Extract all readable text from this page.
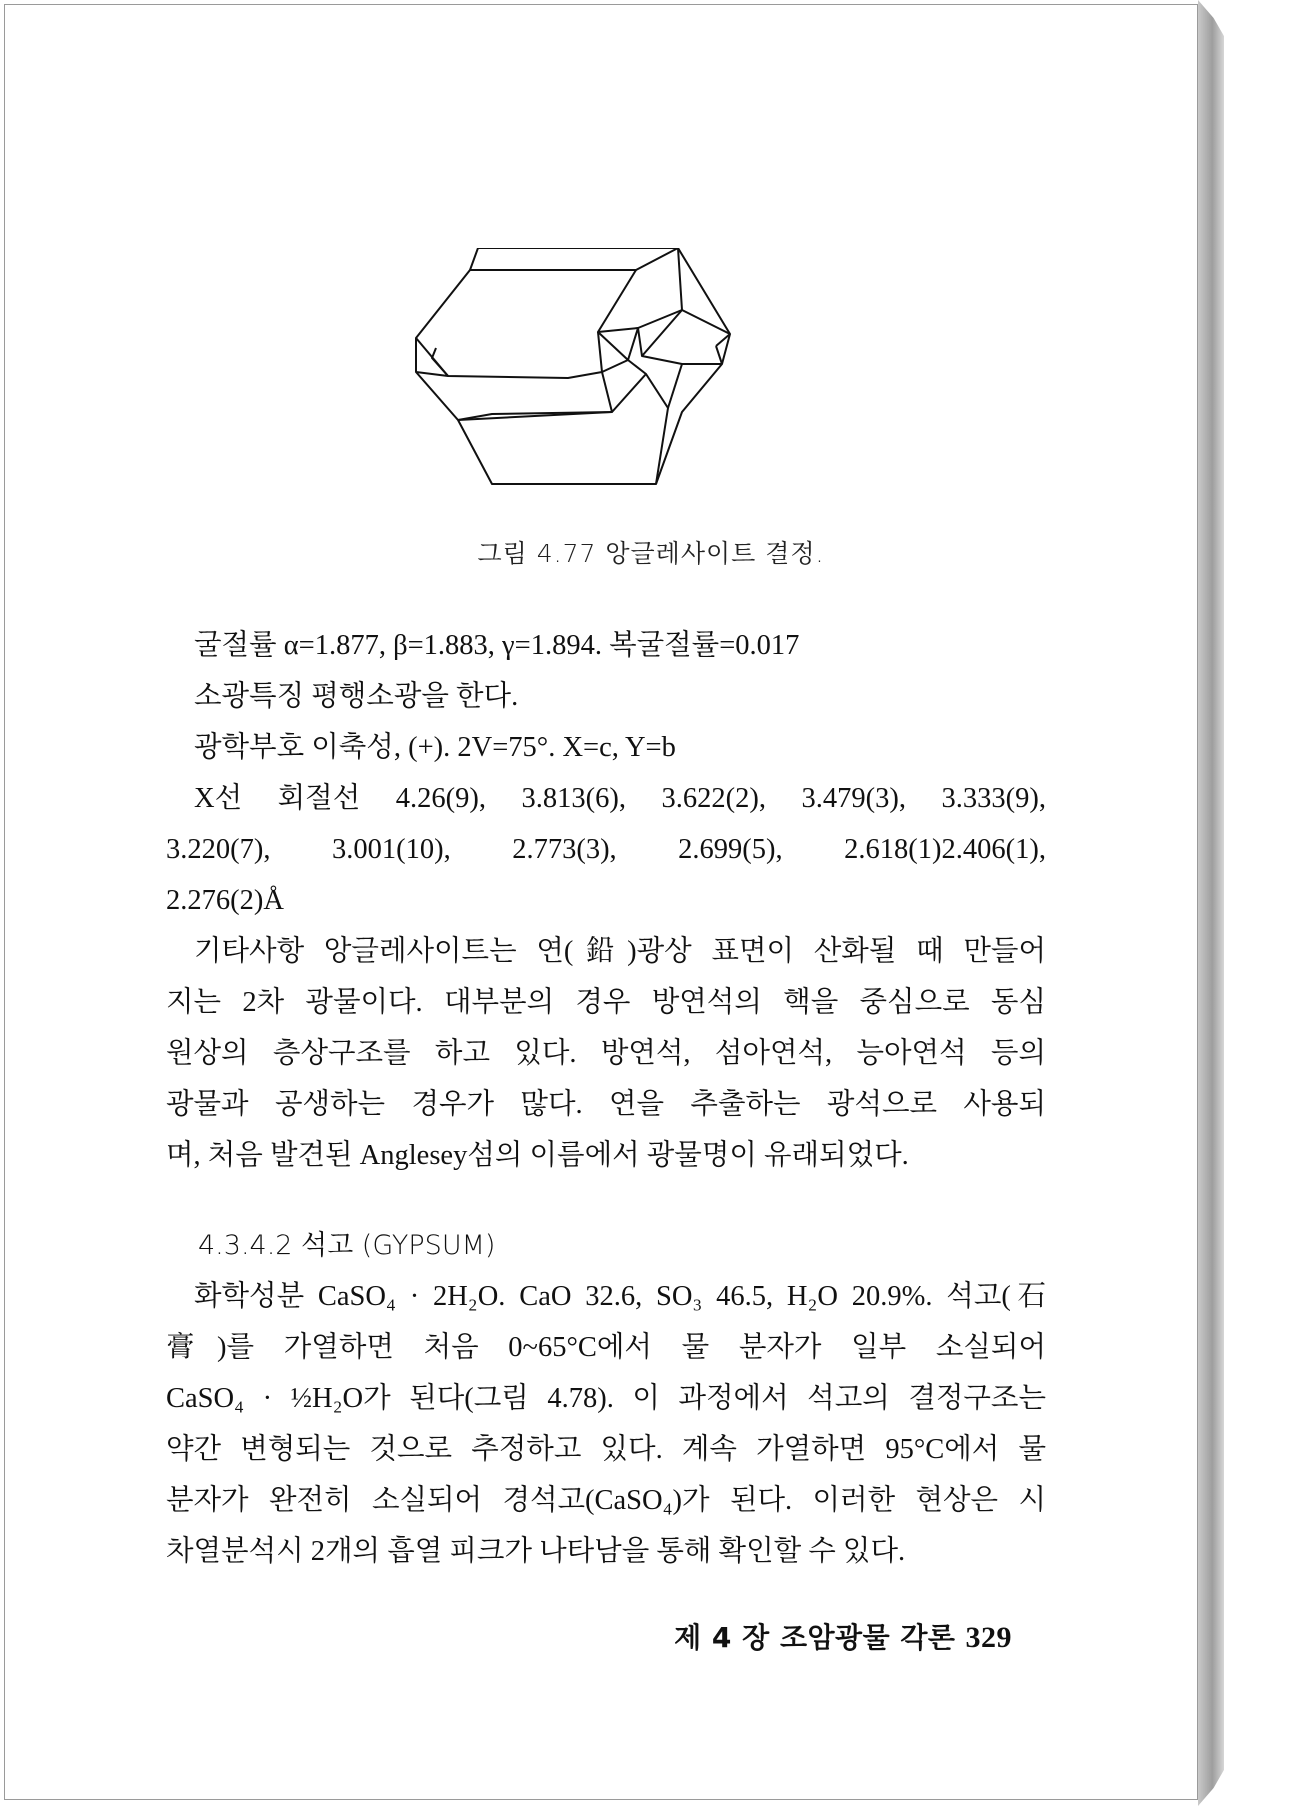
그림 4.77 앙글레사이트 결정.
굴절률 α=1.877, β=1.883, γ=1.894. 복굴절률=0.017
소광특징 평행소광을 한다.
광학부호 이축성, (+). 2V=75°. X=c, Y=b
X선 회절선 4.26(9), 3.813(6), 3.622(2), 3.479(3), 3.333(9),
3.220(7), 3.001(10), 2.773(3), 2.699(5), 2.618(1)2.406(1),
2.276(2)Å
기타사항 앙글레사이트는 연(鉛)광상 표면이 산화될 때 만들어
지는 2차 광물이다. 대부분의 경우 방연석의 핵을 중심으로 동심
원상의 층상구조를 하고 있다. 방연석, 섬아연석, 능아연석 등의
광물과 공생하는 경우가 많다. 연을 추출하는 광석으로 사용되
며, 처음 발견된 Anglesey섬의 이름에서 광물명이 유래되었다.
4.3.4.2 석고 (GYPSUM)
화학성분 CaSO₄ · 2H₂O. CaO 32.6, SO₃ 46.5, H₂O 20.9%. 석고(石
膏)를 가열하면 처음 0~65°C에서 물 분자가 일부 소실되어
CaSO₄ · ½H₂O가 된다(그림 4.78). 이 과정에서 석고의 결정구조는
약간 변형되는 것으로 추정하고 있다. 계속 가열하면 95°C에서 물
분자가 완전히 소실되어 경석고(CaSO₄)가 된다. 이러한 현상은 시
차열분석시 2개의 흡열 피크가 나타남을 통해 확인할 수 있다.
제 4 장 조암광물 각론 329
